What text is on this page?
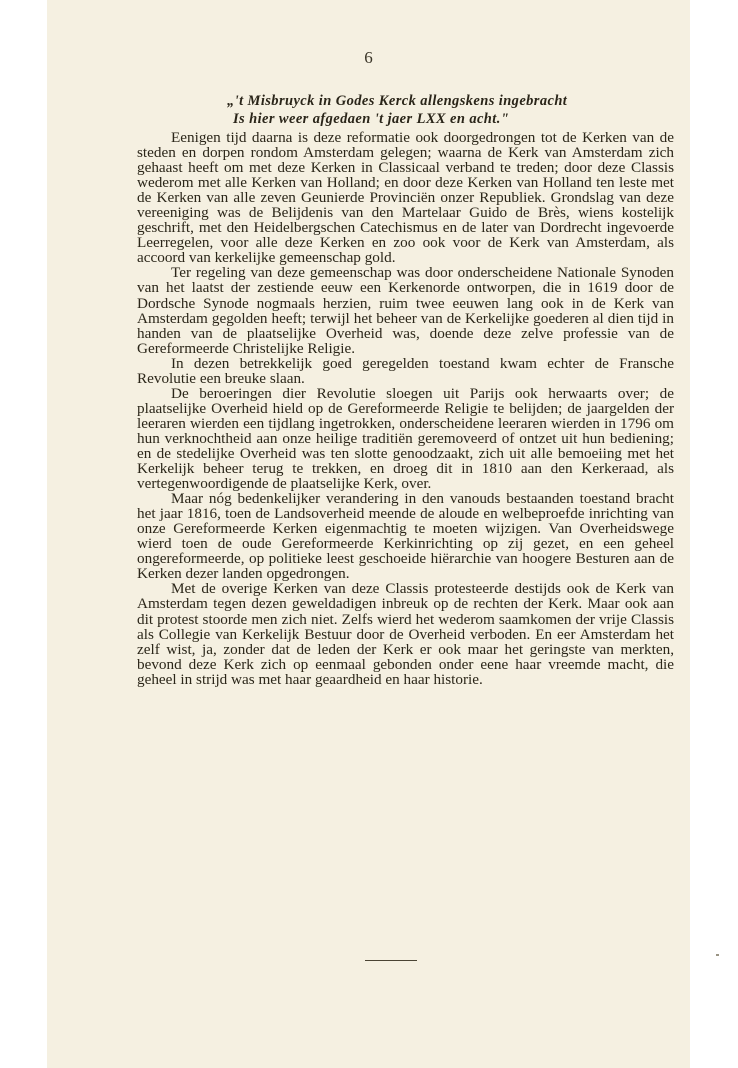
6
„'t Misbruyck in Godes Kerck allengskens ingebracht
Is hier weer afgedaen 't jaer LXX en acht."

Eenigen tijd daarna is deze reformatie ook doorgedrongen tot de Kerken van de steden en dorpen rondom Amsterdam gelegen; waarna de Kerk van Amsterdam zich gehaast heeft om met deze Kerken in Classicaal verband te treden; door deze Classis wederom met alle Kerken van Holland; en door deze Kerken van Holland ten leste met de Kerken van alle zeven Geunierde Provinciën onzer Republiek. Grondslag van deze vereeniging was de Belijdenis van den Martelaar Guido de Brès, wiens kostelijk geschrift, met den Heidelbergschen Catechismus en de later van Dordrecht ingevoerde Leerregelen, voor alle deze Kerken en zoo ook voor de Kerk van Amsterdam, als accoord van kerkelijke gemeenschap gold.

Ter regeling van deze gemeenschap was door onderscheidene Nationale Synoden van het laatst der zestiende eeuw een Kerkenorde ontworpen, die in 1619 door de Dordsche Synode nogmaals herzien, ruim twee eeuwen lang ook in de Kerk van Amsterdam gegolden heeft; terwijl het beheer van de Kerkelijke goederen al dien tijd in handen van de plaatselijke Overheid was, doende deze zelve professie van de Gereformeerde Christelijke Religie.

In dezen betrekkelijk goed geregelden toestand kwam echter de Fransche Revolutie een breuke slaan.

De beroeringen dier Revolutie sloegen uit Parijs ook herwaarts over; de plaatselijke Overheid hield op de Gereformeerde Religie te belijden; de jaargelden der leeraren wierden een tijdlang ingetrokken, onderscheidene leeraren wierden in 1796 om hun verknochtheid aan onze heilige traditiën geremoveerd of ontzet uit hun bediening; en de stedelijke Overheid was ten slotte genoodzaakt, zich uit alle bemoeiing met het Kerkelijk beheer terug te trekken, en droeg dit in 1810 aan den Kerkeraad, als vertegenwoordigende de plaatselijke Kerk, over.

Maar nóg bedenkelijker verandering in den vanouds bestaanden toestand bracht het jaar 1816, toen de Landsoverheid meende de aloude en welbeproefde inrichting van onze Gereformeerde Kerken eigenmachtig te moeten wijzigen. Van Overheidswege wierd toen de oude Gereformeerde Kerkinrichting op zij gezet, en een geheel ongereformeerde, op politieke leest geschoeide hiërarchie van hoogere Besturen aan de Kerken dezer landen opgedrongen.

Met de overige Kerken van deze Classis protesteerde destijds ook de Kerk van Amsterdam tegen dezen geweldadigen inbreuk op de rechten der Kerk. Maar ook aan dit protest stoorde men zich niet. Zelfs wierd het wederom saamkomen der vrije Classis als Collegie van Kerkelijk Bestuur door de Overheid verboden. En eer Amsterdam het zelf wist, ja, zonder dat de leden der Kerk er ook maar het geringste van merkten, bevond deze Kerk zich op eenmaal gebonden onder eene haar vreemde macht, die geheel in strijd was met haar geaardheid en haar historie.
